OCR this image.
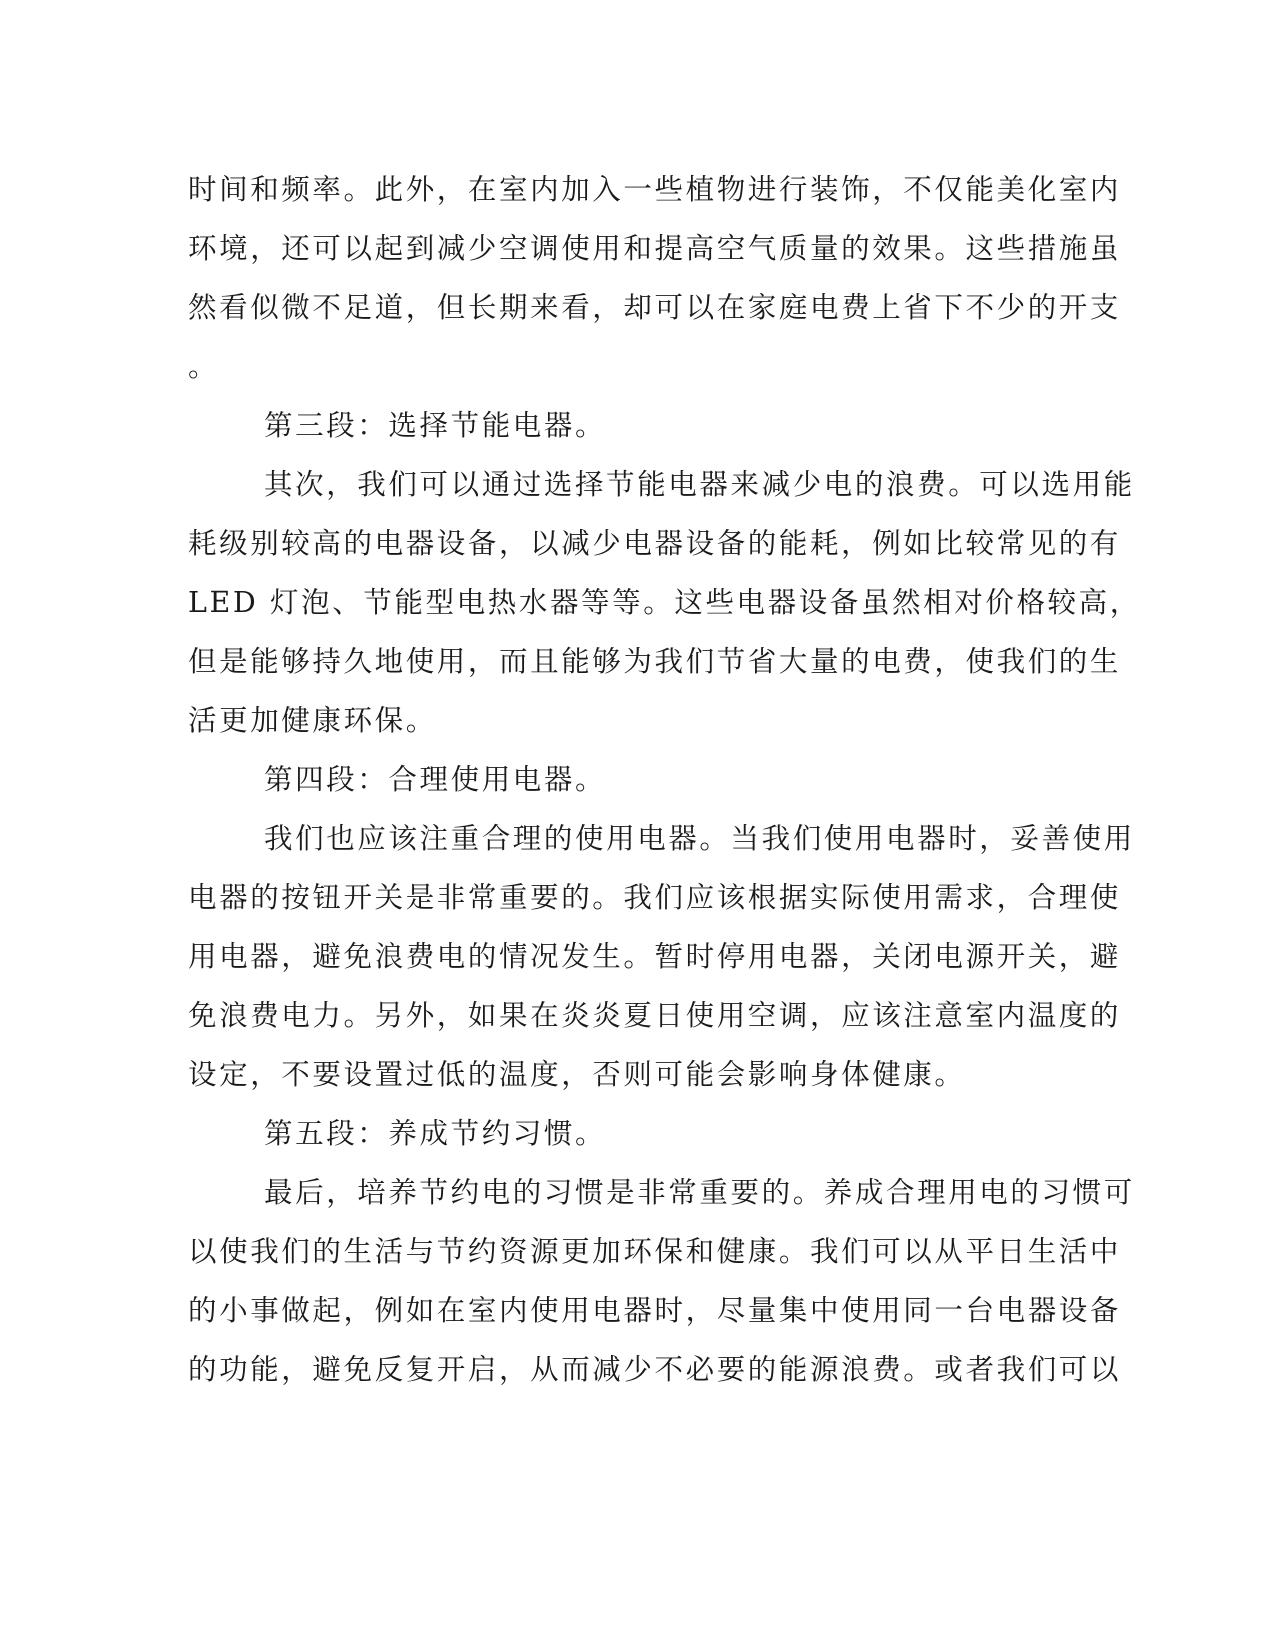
时间和频率。此外，在室内加入一些植物进行装饰，不仅能美化室内
环境，还可以起到减少空调使用和提高空气质量的效果。这些措施虽
然看似微不足道，但长期来看，却可以在家庭电费上省下不少的开支
。
第三段：选择节能电器。
其次，我们可以通过选择节能电器来减少电的浪费。可以选用能
耗级别较高的电器设备，以减少电器设备的能耗，例如比较常见的有
LED 灯泡、节能型电热水器等等。这些电器设备虽然相对价格较高，
但是能够持久地使用，而且能够为我们节省大量的电费，使我们的生
活更加健康环保。
第四段：合理使用电器。
我们也应该注重合理的使用电器。当我们使用电器时，妥善使用
电器的按钮开关是非常重要的。我们应该根据实际使用需求，合理使
用电器，避免浪费电的情况发生。暂时停用电器，关闭电源开关，避
免浪费电力。另外，如果在炎炎夏日使用空调，应该注意室内温度的
设定，不要设置过低的温度，否则可能会影响身体健康。
第五段：养成节约习惯。
最后，培养节约电的习惯是非常重要的。养成合理用电的习惯可
以使我们的生活与节约资源更加环保和健康。我们可以从平日生活中
的小事做起，例如在室内使用电器时，尽量集中使用同一台电器设备
的功能，避免反复开启，从而减少不必要的能源浪费。或者我们可以
